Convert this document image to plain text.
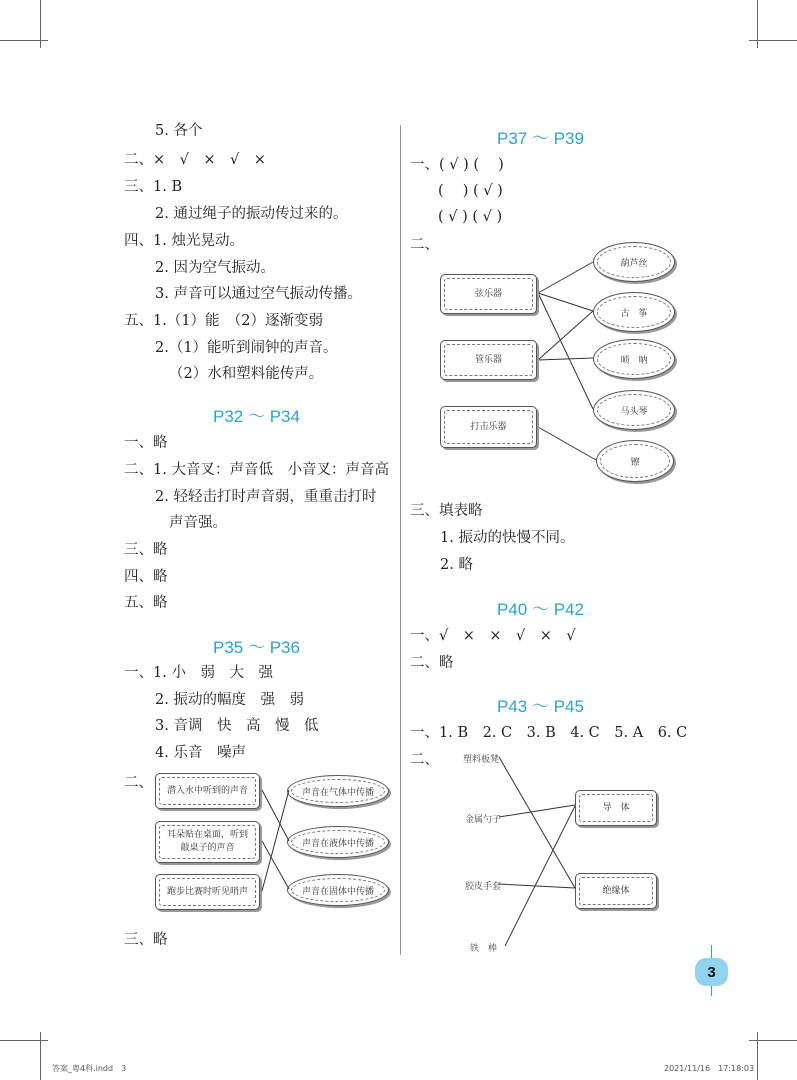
5. 各个
二、×　√　×　√　×
三、1. B
2. 通过绳子的振动传过来的。
四、1. 烛光晃动。
2. 因为空气振动。
3. 声音可以通过空气振动传播。
五、1.（1）能　（2）逐渐变弱
2.（1）能听到闹钟的声音。
（2）水和塑料能传声。
P32 ～ P34
一、略
二、1. 大音叉：声音低　小音叉：声音高
2. 轻轻击打时声音弱，重重击打时
声音强。
三、略
四、略
五、略
P35 ～ P36
一、1. 小　弱　大　强
2. 振动的幅度　强　弱
3. 音调　快　高　慢　低
4. 乐音　噪声
二、	潜入水中听到的声音
耳朵贴在桌面，听到敲桌子的声音
跑步比赛时听见哨声
声音在气体中传播
声音在液体中传播
声音在固体中传播
三、略
P37 ～ P39
一、( √ ) (　 )
(　 ) ( √ )
( √ ) ( √ )
二、
弦乐器
管乐器
打击乐器
葫芦丝
古　筝
唢　呐
马头琴
镲
三、填表略
1. 振动的快慢不同。
2. 略
P40 ～ P42
一、√　×　×　√　×　√
二、略
P43 ～ P45
一、1. B　2. C　3. B　4. C　5. A　6. C
二、	塑料板凳
金属勺子
胶皮手套
铁　棒
导　体
绝缘体
3
答案_粤4科.indd　3	2021/11/16　17:18:03
